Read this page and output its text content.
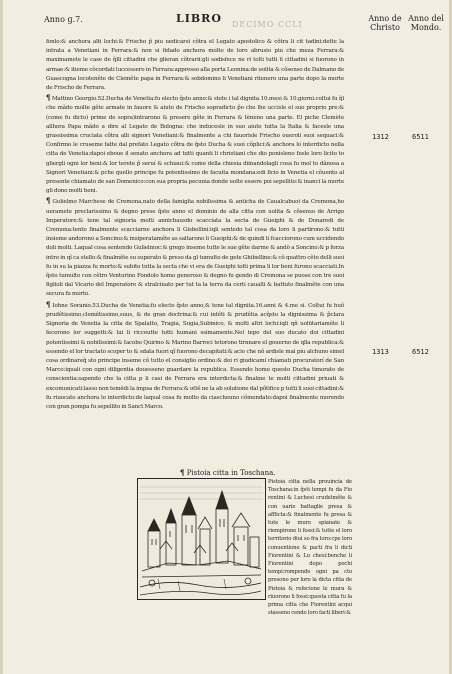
Anno ɡ.7.	LIBRO DECIMO CCLI
Anno de
Christo
Anno del
Mondo.

fonlo:& anchora alti lochi:& Frischo p̃ piu uedicarsi cõtra el Legato apostolico & cõtra li cit tadini:dette la intrata a Venetiani in Ferrara:& non si fidado anchora molto de loro abrusio piu che meza Ferrara:& maximamete le case de q̃lli cittadini che glieran cõtrarii:gli sodisfece ne ri tolti tutti li cittadini si fuorono in armae:& itieme cõcordati luccessero in Ferrara:appresso alla porta Leonina:de uolita & cõsenso de Dalmano de Guascogna locotenête de Clemête papa in Ferrara:& sobdomino li Venetiani ritenero una parte dopo la morte de Frischo de Ferrara.

¶ Mattino Georgio.52.Ducha de Venetia:fu electo q̃sto anno:& stete i tal dignita.10.mesi & 10.giorni.coltui fu q̃l che mãdo molte gête armate in fauore & aiuto de Frischo sopradicto p̃o che lhe uccisle el suo proprio pre:& (come fu dicto) prime de sopra)intrarono & presere gête in Ferrara & tèneno una parte. El piche Clemète allhora Papa mãdo a dire al Legato de Bologna: che inducesle in suo aiuto tutta la Italia & facesle una grassissima cruciata cõtra alli signori Venetiani:& finalmente a chi fauorisle Frischo oueroli suoi sequaci:& Confirmo le cruseme fatte dal prefato Legato cõtra de q̃sto Ducha & suoi cõplici:& anchora lo interdicto nella citta de Venetia:dapoi eboue il senato anchora ad tutti quanti li christiani che dio ponisleno fusle loro licito to gliergli ogni lor beni:& lor terete p̃ seruí & schiaui:& come della chiesia diinandolagli cosa fu mol to dânosa a Signori Venetiani:& pche quello principe fu potentissimo de facuita mondana:edi ficio in Venetia el cõuento al presente chiamato de san Domenico:con sua propria pecunia donde uolte essere poi sepellito:& inanci la morte gli dono molti beni.

¶ Gulielmo Marchese de Cremona,nato della famiglia nobilissima & anticha de Caualcabuoi da Cremona,ho ueramete preclarissimo & degno prese q̃sto anno el dominio de alla citta con uolita & cõsenso de Arrigo Imperatore:& tene tal signoria molti annichausdo scacciata la secta de Gueiphi & de Donaredi de Cremona:tento finalmente scacciarne anchora li Gisbellini:iqli sentedo tal cosa da loro li partirono:& tutti insieme andorono a Soncino:& insiperatamête as saltarono li Gueiphi:& de quindi li fcacciorono cum uccidendo doli molti. Laqual cosa sentendo Gulielmoc:& grego inseme tutte le sue gête darme & andò a Soncino:& p forza intro in qĩ ca stello:& finalmête su superato & preso da gl tumulto de gete Ghibelline:& cõ quattro cêto delli suoi fu in su la piazza fu morto:& subito tutta la secta che vi era de Gueiphi tolti prima li lor beni furono scacciati.In q̃sto tumulto con cêtro Venturino Fondolo homo generoso & degno fu gendo di Cremona se puose con tre suoi figlioli dal Vicario del Imperatore & stralcinato per tut ta la terra da certi caualli & battuto finalmête con una secura fu morto.

¶ Iohne Soranio.53.Ducha de Venetia:fu electo q̃sto anno,& tene tal dignita.16.anni & 4.me si. Coltui fu huõ prudêtissimo,clemêtissimo,suus, & de gran doctrina:& cui intêti & prudêtia acq̃sto la dignissima & p̃clara Signoria de Venetia la citta de Spalatto, Tragia, Sugia,Subinico, & molti altri lochi:iqli qñ uolūtariamête li fecerono lor suggetti:& lui li ricceutte tutti humani ssimamente.Nel tepo del suo ducato doi cittadini potentissimi & nobilissimi:& Iacobo Quirino & Marino Barroci tetorono tirnnare el gouerno de qlla republica:& essendo el lor tractato scoper to & sdata fuori qĩ fuorono decapitati:& acio che nõ ardisle mai piu alchuno simel cosa ordinareq̃ sto principe inseme cõ tutto el consiglio ordino:& doi ri giudicamí chiamati procuratorí de San Marco:iquali con ogni diligentia douesseno guardare la republica. Essendo homo questo Ducha timorato de conscientia:sapendo che la citta p li casi de Ferrara era interdicta:& finalme te molti cittadini priuati & excomunicati:lasso non temêdi la impsa de Ferrara:& ottê ne la ab solutione dal pôtifice p tutti li suoi cittadini:& fu riuocato anchora lo interdicto:de laqual cosa fu molto da ciascheuno cõmendato:dapoi finalmente morendo con gran pompa fu sepellito in Sanct Marco.

1312	6511
1313	6512
¶ Pistoia citta in Toschana.

Pistoia citta nella prouincia de Toschana:in q̃sti tempi fu da Fio rentini & Luchesi crudelmête & con uarie battaglie presa & afflicta:& finalmente fu presa & tute le mure spianate & riempirone li fossi:& tutte el loro territorio diui so fra loro:cpe loro conuentione & pacti fra li dicti Fiorentini & Lu chesi:benche li Fiorentini dopo pochi tempi:rompendo ogni pa cto presono per loro la dicta citta de Pistoia & refecione le mura & riuorono li fossi:questa citta fu la prima citta che Fiorentini acqui stasseno cendo loro facti liberi:&
